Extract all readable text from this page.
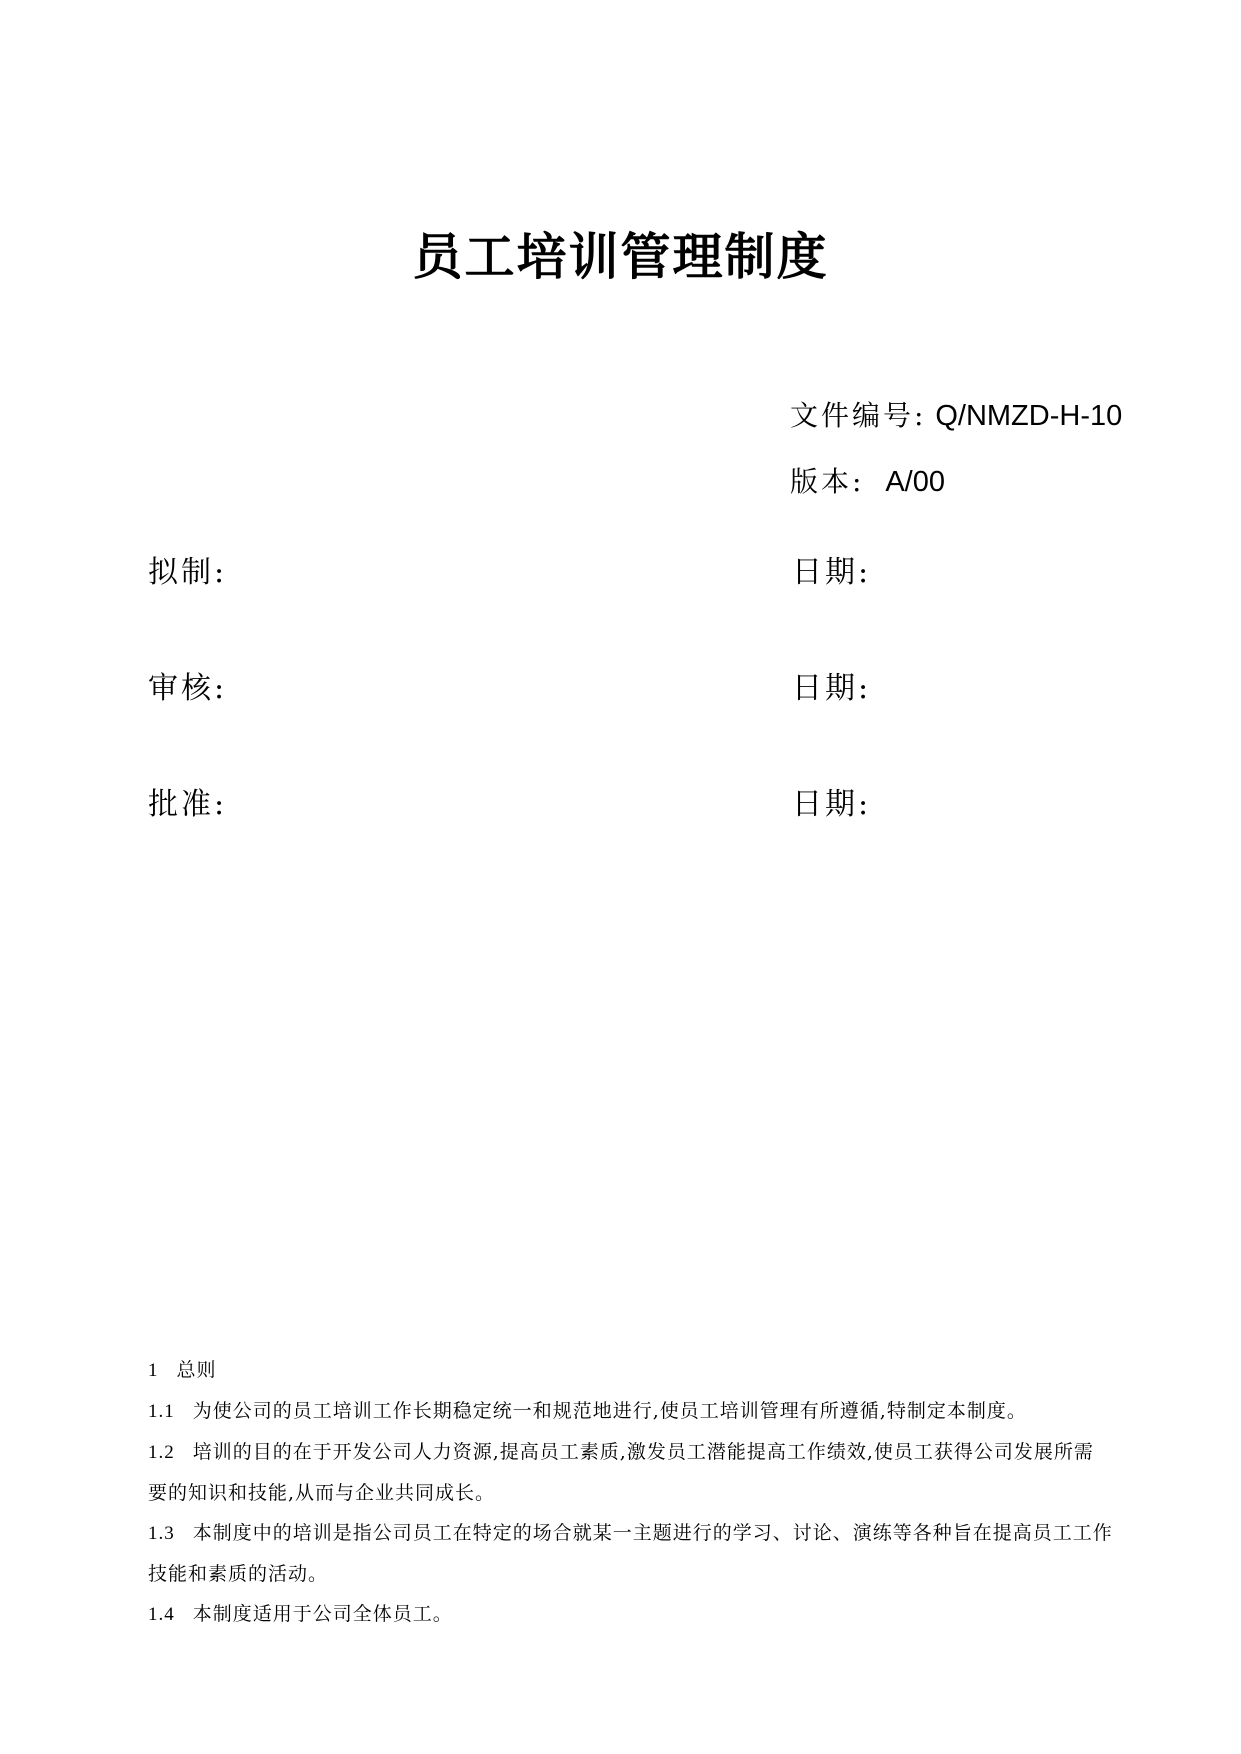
员工培训管理制度
文件编号: Q/NMZD-H-10
版本: A/00
拟制:	日期:
审核:	日期:
批准:	日期:

1 总则

1.1 为使公司的员工培训工作长期稳定统一和规范地进行,使员工培训管理有所遵循,特制定本制度。

1.2 培训的目的在于开发公司人力资源,提高员工素质,激发员工潜能提高工作绩效,使员工获得公司发展所需要的知识和技能,从而与企业共同成长。

1.3 本制度中的培训是指公司员工在特定的场合就某一主题进行的学习、讨论、演练等各种旨在提高员工工作技能和素质的活动。

1.4 本制度适用于公司全体员工。
